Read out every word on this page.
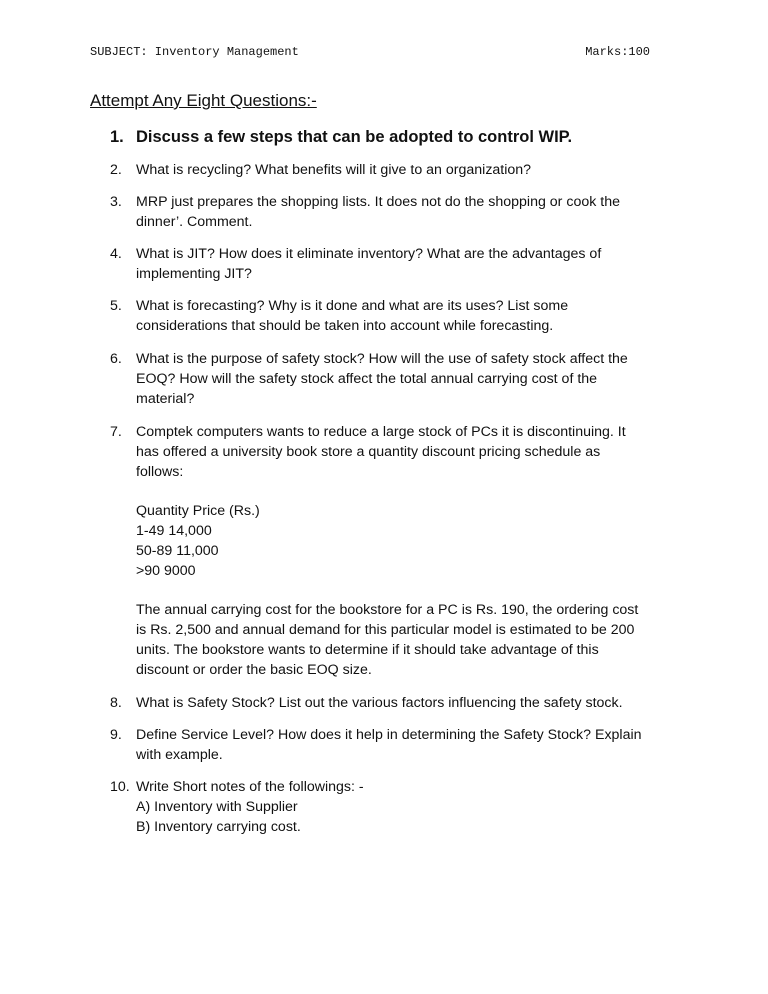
SUBJECT: Inventory Management	Marks:100
Attempt Any Eight Questions:-
1. Discuss a few steps that can be adopted to control WIP.
2. What is recycling? What benefits will it give to an organization?
3. MRP just prepares the shopping lists. It does not do the shopping or cook the
dinner’. Comment.
4. What is JIT? How does it eliminate inventory? What are the advantages of
implementing JIT?
5. What is forecasting? Why is it done and what are its uses? List some
considerations that should be taken into account while forecasting.
6. What is the purpose of safety stock? How will the use of safety stock affect the
EOQ? How will the safety stock affect the total annual carrying cost of the
material?
7. Comptek computers wants to reduce a large stock of PCs it is discontinuing. It
has offered a university book store a quantity discount pricing schedule as
follows:
Quantity Price (Rs.)
1-49 14,000
50-89 11,000
>90 9000
The annual carrying cost for the bookstore for a PC is Rs. 190, the ordering cost
is Rs. 2,500 and annual demand for this particular model is estimated to be 200
units. The bookstore wants to determine if it should take advantage of this
discount or order the basic EOQ size.
8. What is Safety Stock? List out the various factors influencing the safety stock.
9. Define Service Level? How does it help in determining the Safety Stock? Explain
with example.
10. Write Short notes of the followings: -
A) Inventory with Supplier
B) Inventory carrying cost.
